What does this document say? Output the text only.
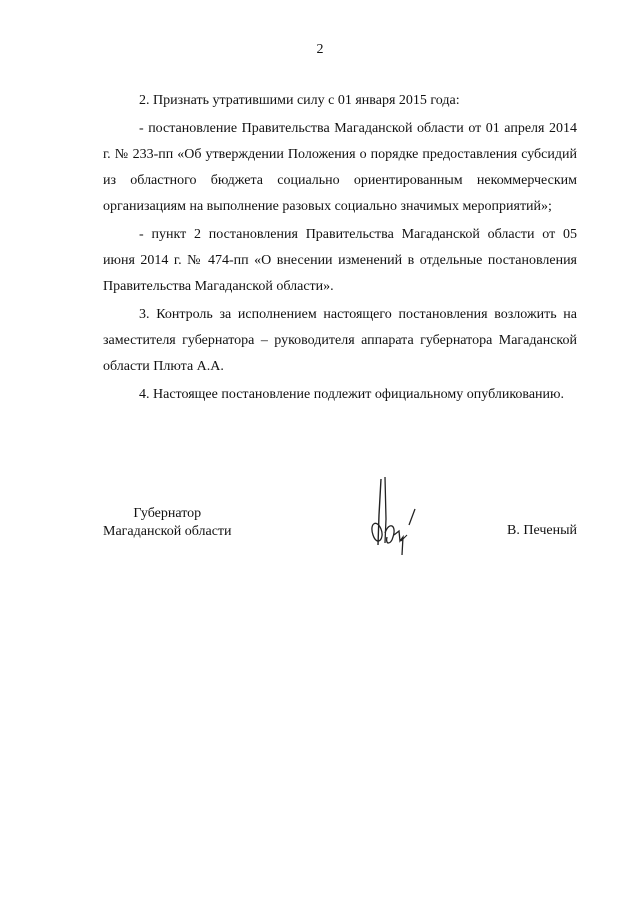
2

2. Признать утратившими силу с 01 января 2015 года:

- постановление Правительства Магаданской области от 01 апреля 2014 г. № 233-пп «Об утверждении Положения о порядке предоставления субсидий из областного бюджета социально ориентированным некоммерческим организациям на выполнение разовых социально значимых мероприятий»;

- пункт 2 постановления Правительства Магаданской области от 05 июня 2014 г. № 474-пп «О внесении изменений в отдельные постановления Правительства Магаданской области».

3. Контроль за исполнением настоящего постановления возложить на заместителя губернатора – руководителя аппарата губернатора Магаданской области Плюта А.А.

4. Настоящее постановление подлежит официальному опубликованию.

Губернатор
Магаданской области	В. Печеный
